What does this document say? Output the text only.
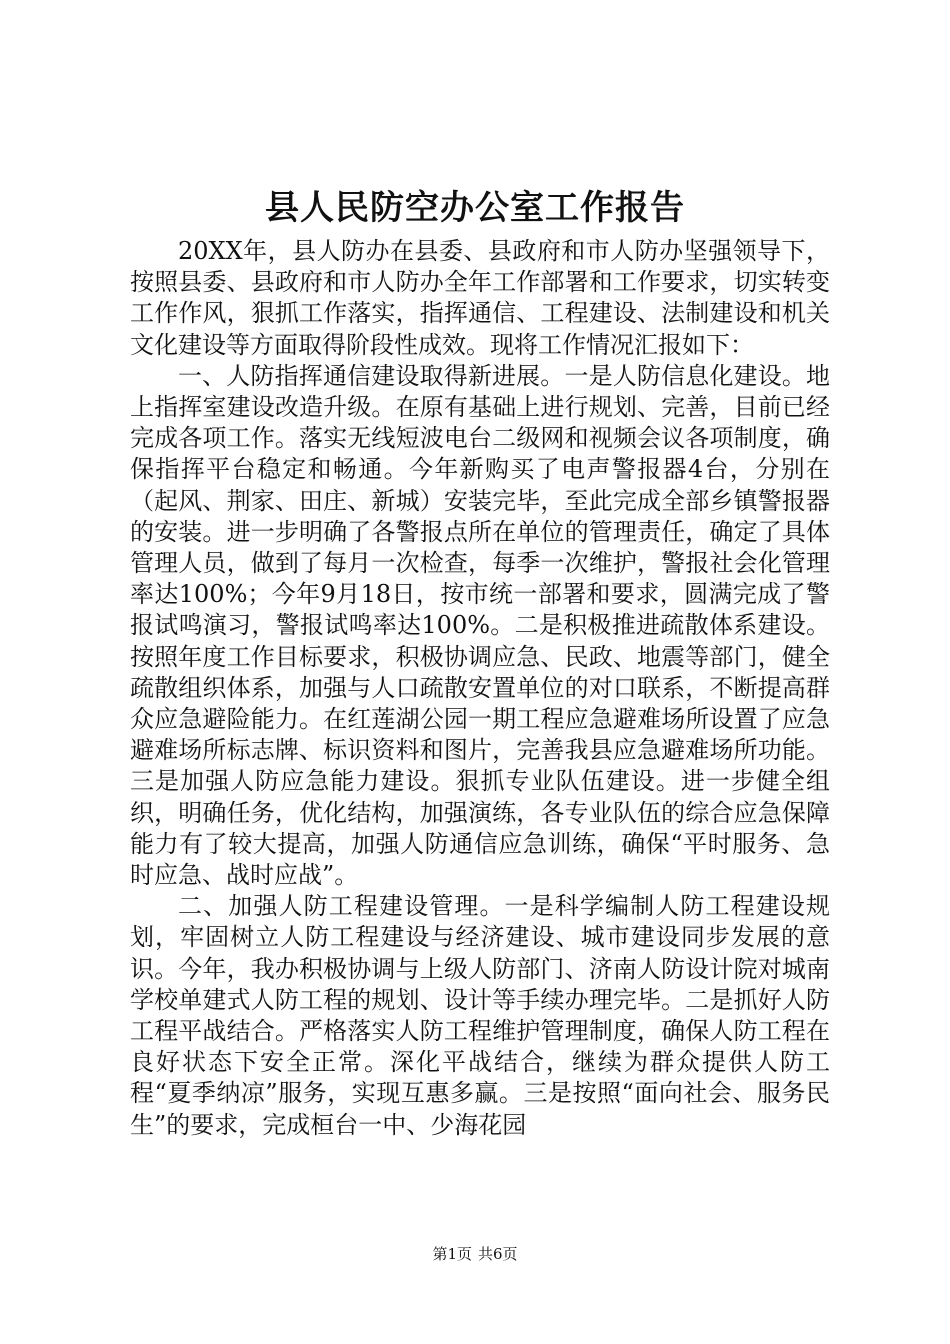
县人民防空办公室工作报告

20XX年，县人防办在县委、县政府和市人防办坚强领导下，按照县委、县政府和市人防办全年工作部署和工作要求，切实转变工作作风，狠抓工作落实，指挥通信、工程建设、法制建设和机关文化建设等方面取得阶段性成效。现将工作情况汇报如下：

一、人防指挥通信建设取得新进展。一是人防信息化建设。地上指挥室建设改造升级。在原有基础上进行规划、完善，目前已经完成各项工作。落实无线短波电台二级网和视频会议各项制度，确保指挥平台稳定和畅通。今年新购买了电声警报器4台，分别在（起风、荆家、田庄、新城）安装完毕，至此完成全部乡镇警报器的安装。进一步明确了各警报点所在单位的管理责任，确定了具体管理人员，做到了每月一次检查，每季一次维护，警报社会化管理率达100%；今年9月18日，按市统一部署和要求，圆满完成了警报试鸣演习，警报试鸣率达100%。二是积极推进疏散体系建设。按照年度工作目标要求，积极协调应急、民政、地震等部门，健全疏散组织体系，加强与人口疏散安置单位的对口联系，不断提高群众应急避险能力。在红莲湖公园一期工程应急避难场所设置了应急避难场所标志牌、标识资料和图片，完善我县应急避难场所功能。三是加强人防应急能力建设。狠抓专业队伍建设。进一步健全组织，明确任务，优化结构，加强演练，各专业队伍的综合应急保障能力有了较大提高，加强人防通信应急训练，确保“平时服务、急时应急、战时应战”。

二、加强人防工程建设管理。一是科学编制人防工程建设规划，牢固树立人防工程建设与经济建设、城市建设同步发展的意识。今年，我办积极协调与上级人防部门、济南人防设计院对城南学校单建式人防工程的规划、设计等手续办理完毕。二是抓好人防工程平战结合。严格落实人防工程维护管理制度，确保人防工程在良好状态下安全正常。深化平战结合，继续为群众提供人防工程“夏季纳凉”服务，实现互惠多赢。三是按照“面向社会、服务民生”的要求，完成桓台一中、少海花园

第1页 共6页
